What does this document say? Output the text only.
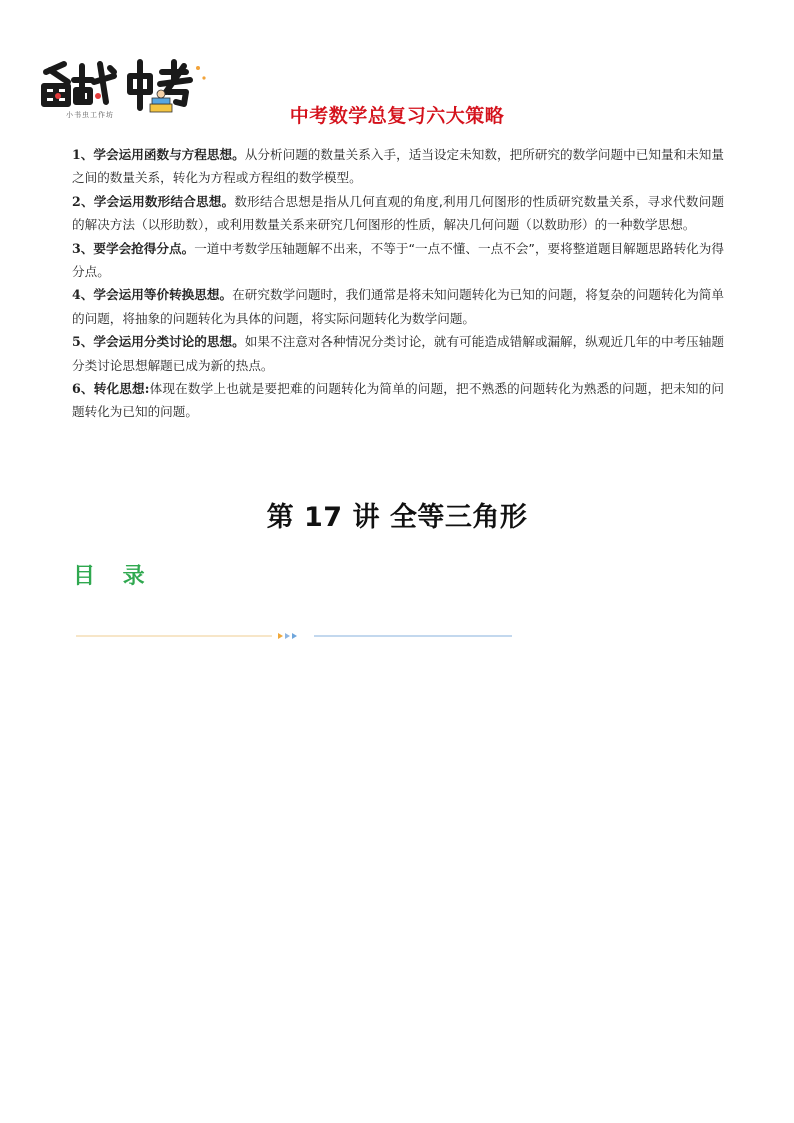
小书虫工作坊	中考数学总复习六大策略
1、学会运用函数与方程思想。从分析问题的数量关系入手，适当设定未知数，把所研究的数学问题中已知量和未知量之间的数量关系，转化为方程或方程组的数学模型。
2、学会运用数形结合思想。数形结合思想是指从几何直观的角度,利用几何图形的性质研究数量关系，寻求代数问题的解决方法（以形助数），或利用数量关系来研究几何图形的性质，解决几何问题（以数助形）的一种数学思想。
3、要学会抢得分点。一道中考数学压轴题解不出来，不等于“一点不懂、一点不会”，要将整道题目解题思路转化为得分点。
4、学会运用等价转换思想。在研究数学问题时，我们通常是将未知问题转化为已知的问题，将复杂的问题转化为简单的问题，将抽象的问题转化为具体的问题，将实际问题转化为数学问题。
5、学会运用分类讨论的思想。如果不注意对各种情况分类讨论，就有可能造成错解或漏解，纵观近几年的中考压轴题分类讨论思想解题已成为新的热点。
6、转化思想:体现在数学上也就是要把难的问题转化为简单的问题，把不熟悉的问题转化为熟悉的问题，把未知的问题转化为已知的问题。
第 17 讲 全等三角形
目 录
